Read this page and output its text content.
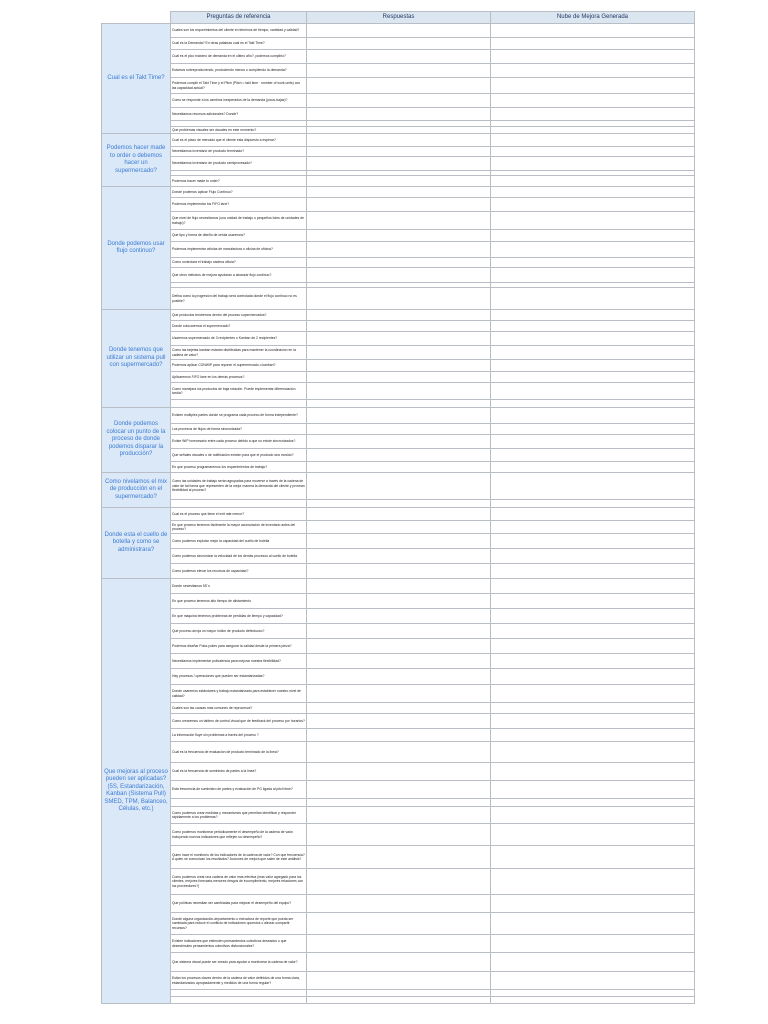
	Preguntas de referencia	Respuestas	Nube de Mejora Generada
Cual es el Takt Time?	Cuales son los requerimientos del cliente en términos de tiempo, cantidad y calidad?		
	Cual es la Demanda? En otras palabras cual es el Takt Time?		
	Cual es el pico máximo de demanda en el ultimo año?, podemos cumplirlo?		
	Estamos sobreproduciendo, produciendo menos o cumpliendo la demanda?		
	Podemos cumplir el Takt Time y el Pitch (Pitch = takt time · number of work units) con las capacidad actual?		
	Como se responde a los cambios inesperados de la demanda (picos-bajas)?		
	Necesitamos recursos adicionales? Donde?		

	Que problemas visuales ser visuales en este momento?		
Podemos hacer made to order o debemos hacer un supermercado?	Cual es el plazo de mercado que el cliente esta dispuesto a esperar?		
	Necesitamos inventario de producto terminado?		
	Necesitamos inventario de producto semiprocesado?		

	Podemos hacer made to order?		
Donde podemos usar flujo continuo?	Donde podemos aplicar Flujo Continuo?		
	Podemos implementar los FIFO lane?		
	Que nivel de flujo necesitamos (una unidad de trabajo o pequeños lotes de unidades de trabajo)?		
	Que tipo y forma de diseño de célula usaremos?		
	Podemos implementar células de manufactura o oficina de oficina?		
	Como controlará el trabajo cadena célula?		
	Que otros métodos de mejora ayudaran a alcanzar flujo continuo?		

	Defina como la progresión del trabajo será controlada donde el flujo continuo no es posible?		
Donde tenemos que utilizar un sistema pull con supermercado?	Que productos tendremos dentro del proceso supermercados?		
	Donde colocaremos el supermercado?		
	Usaremos supermercado de 3 recipientes o Kanban de 2 recipientes?		
	Como las tarjetas kanban estarán distribuidas para mantener la coordinacion en la cadena de valor?		
	Podemos aplicar CONWIP para reponer el supermercado o kanban?		
	Aplicaremos FIFO lane en los demás procesos?		
	Como manejara los productos de baja rotación. Puede implementar diferenciación tardía?		

Donde podemos colocar un punto de la proceso de donde podemos disparar la producción?	Existen multiples partes donde se programa cada proceso de forma independiente?		
	Los procesos de flujos de forma sincronizada?		
	Existe WIP innecesario entre cada proceso debido a que no existe sincronizados?		
	Que señales visuales o de notificación existen para que el producto sea movido?		
	En que proceso programaremos los requerimientos de trabajo?		
Como nivelamos el mix de producción en el supermercado?	Como las unidades de trabajo serán agrupadas para moverse a través de la cadena de valor de tal forma que representen de la mejor manera la demanda del cliente y provean flexibilidad al proceso?		

Donde esta el cuello de botella y como se administrara?	Cual es el proceso que tiene el exit rate menor?		
	En que proceso tenemos fácilmente la mayor acumulación de inventario antes del proceso?		
	Como podemos explotar mejor la capacidad del cuello de botella		
	Como podemos sincronizar la velocidad de los demás procesos al cuello de botella		
	Como podemos elevar los recursos de capacidad?		
Que mejoras al proceso pueden ser aplicadas? (5S, Estandarización, Kanban (Sistema Pull) SMED, TPM, Balanceo, Células, etc.)	Donde necesitamos 5S´s		
	En que proceso tenemos alto tiempo de alistamiento		
	En que maquina tenemos problemas de perdidas de tiempo y capacidad?		
	Que proceso arroja un mayor índice de producto defectuoso?		
	Podemos diseñar Poka-yokes para asegurar la calidad desde la primera pieza?		
	Necesitamos implementar polivalencia para mejorar nuestra flexibilidad?		
	Hay procesos / operaciones que pueden ser estandarizadas?		
	Donde usaremos estándares y trabajo estandarizado para establecer nuestro nivel de calidad?		
	Cuales son las causas mas comunes de reprocesos?		
	Como crearemos un tablero de control visual que de feedback del proceso por horarios?		
	La información fluye sin problemas a través del proceso ?		
	Cual es la frecuencia de evaluación de producto terminado de la linea?		
	Cual es la frecuencia de suministro de partes a la linea?		
	Esta frecuencia de suministro de partes y evaluación de PG ligada al pitch time?		

	Como podemos crear medidas y mecanismos que permitan identificar y responder rápidamente a los problemas?		
	Como podemos monitorear periódicamente el desempeño de la cadena de valor. Incluyendo nuevos indicadores que reflejen su desempeño?		
	Quien hace el monitoreo de los indicadores de la cadena de valor? Con que frecuencia? A quien se comunican los resultados? Acciones de mejora que salen de este análisis?		
	Como podemos crear una cadena de valor mas efectiva (mas valor agregado para los clientes, mejores forecasts,menores riesgos de incumplimiento, mejores relaciones con los proveedores?)		
	Que políticas necesitan ser cambiadas para mejorar el desempeño del equipo?		
	Donde alguna organización-departamento o estructura de reporte que pueda ser cambiada para reducir el conflicto de indicadores opuestos o alinear-compartir recursos?		
	Existen indicadores que estimulen pensamientos colectivos deseados o que desestimulen pensamientos colectivos disfuncionales?		
	Que sistema visual puede ser creado para ayudar a monitorear la cadena de valor?		
	Están los procesos claves dentro de la cadena de valor definidos de una forma clara, estandarizados apropiadamente y medidos de una forma regular?		
